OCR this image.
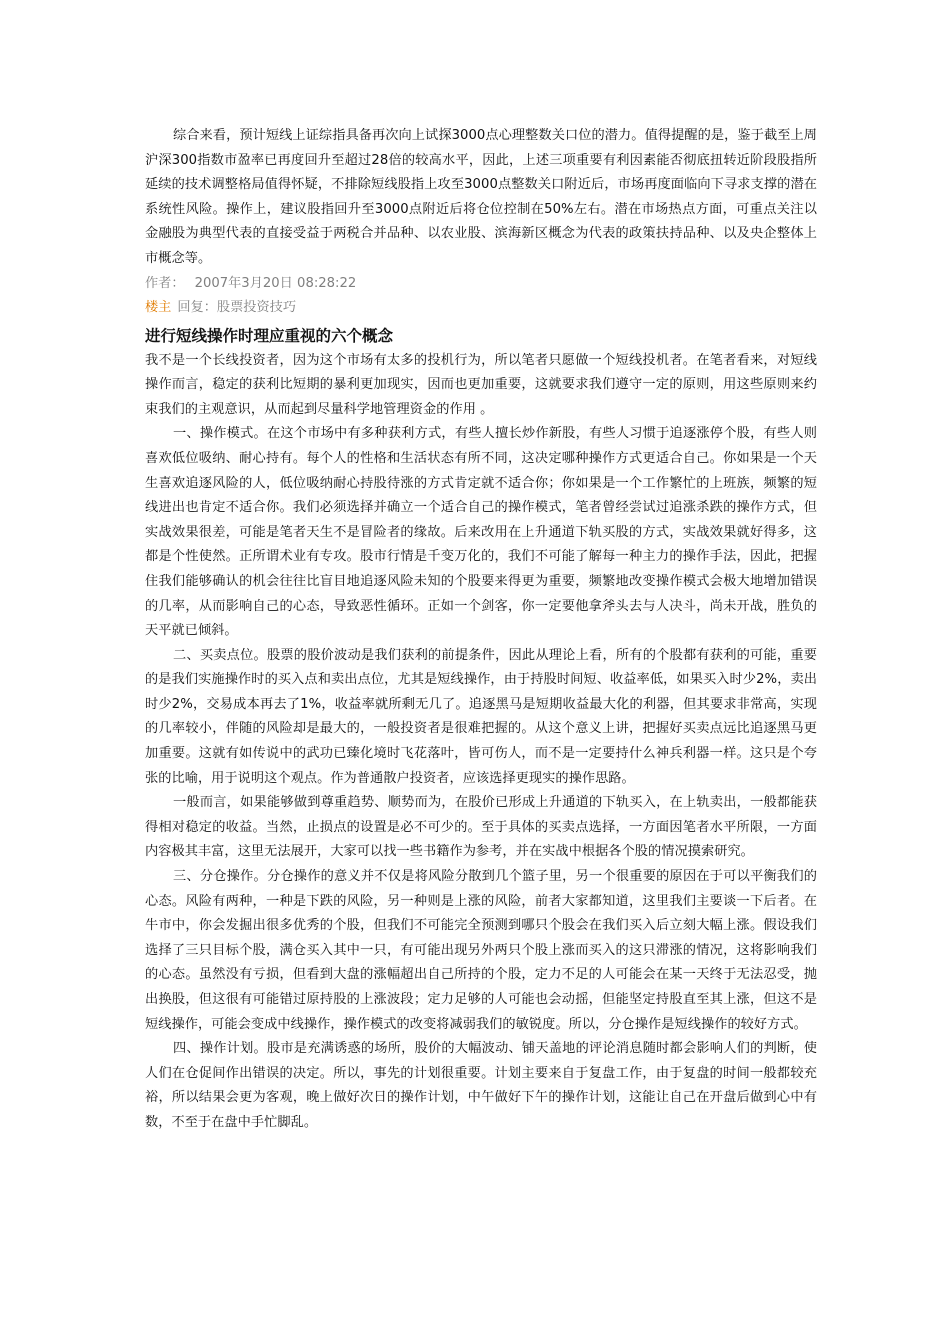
综合来看，预计短线上证综指具备再次向上试探3000点心理整数关口位的潜力。值得提醒的是，鉴于截至上周沪深300指数市盈率已再度回升至超过28倍的较高水平，因此，上述三项重要有利因素能否彻底扭转近阶段股指所延续的技术调整格局值得怀疑，不排除短线股指上攻至3000点整数关口附近后，市场再度面临向下寻求支撑的潜在系统性风险。操作上，建议股指回升至3000点附近后将仓位控制在50%左右。潜在市场热点方面，可重点关注以金融股为典型代表的直接受益于两税合并品种、以农业股、滨海新区概念为代表的政策扶持品种、以及央企整体上市概念等。

作者： 2007年3月20日 08:28:22

楼主 回复：股票投资技巧

进行短线操作时理应重视的六个概念

我不是一个长线投资者，因为这个市场有太多的投机行为，所以笔者只愿做一个短线投机者。在笔者看来，对短线操作而言，稳定的获利比短期的暴利更加现实，因而也更加重要，这就要求我们遵守一定的原则，用这些原则来约束我们的主观意识，从而起到尽量科学地管理资金的作用 。

一、操作模式。在这个市场中有多种获利方式，有些人擅长炒作新股，有些人习惯于追逐涨停个股，有些人则喜欢低位吸纳、耐心持有。每个人的性格和生活状态有所不同，这决定哪种操作方式更适合自己。你如果是一个天生喜欢追逐风险的人，低位吸纳耐心持股待涨的方式肯定就不适合你；你如果是一个工作繁忙的上班族，频繁的短线进出也肯定不适合你。我们必须选择并确立一个适合自己的操作模式，笔者曾经尝试过追涨杀跌的操作方式，但实战效果很差，可能是笔者天生不是冒险者的缘故。后来改用在上升通道下轨买股的方式，实战效果就好得多，这都是个性使然。正所谓术业有专攻。股市行情是千变万化的，我们不可能了解每一种主力的操作手法，因此，把握住我们能够确认的机会往往比盲目地追逐风险未知的个股要来得更为重要，频繁地改变操作模式会极大地增加错误的几率，从而影响自己的心态，导致恶性循环。正如一个剑客，你一定要他拿斧头去与人决斗，尚未开战，胜负的天平就已倾斜。

二、买卖点位。股票的股价波动是我们获利的前提条件，因此从理论上看，所有的个股都有获利的可能，重要的是我们实施操作时的买入点和卖出点位，尤其是短线操作，由于持股时间短、收益率低，如果买入时少2%，卖出时少2%，交易成本再去了1%，收益率就所剩无几了。追逐黑马是短期收益最大化的利器，但其要求非常高，实现的几率较小，伴随的风险却是最大的，一般投资者是很难把握的。从这个意义上讲，把握好买卖点远比追逐黑马更加重要。这就有如传说中的武功已臻化境时飞花落叶，皆可伤人，而不是一定要持什么神兵利器一样。这只是个夸张的比喻，用于说明这个观点。作为普通散户投资者，应该选择更现实的操作思路。

一般而言，如果能够做到尊重趋势、顺势而为，在股价已形成上升通道的下轨买入，在上轨卖出，一般都能获得相对稳定的收益。当然，止损点的设置是必不可少的。至于具体的买卖点选择，一方面因笔者水平所限，一方面内容极其丰富，这里无法展开，大家可以找一些书籍作为参考，并在实战中根据各个股的情况摸索研究。

三、分仓操作。分仓操作的意义并不仅是将风险分散到几个篮子里，另一个很重要的原因在于可以平衡我们的心态。风险有两种，一种是下跌的风险，另一种则是上涨的风险，前者大家都知道，这里我们主要谈一下后者。在牛市中，你会发掘出很多优秀的个股，但我们不可能完全预测到哪只个股会在我们买入后立刻大幅上涨。假设我们选择了三只目标个股，满仓买入其中一只，有可能出现另外两只个股上涨而买入的这只滞涨的情况，这将影响我们的心态。虽然没有亏损，但看到大盘的涨幅超出自己所持的个股，定力不足的人可能会在某一天终于无法忍受，抛出换股，但这很有可能错过原持股的上涨波段；定力足够的人可能也会动摇，但能坚定持股直至其上涨，但这不是短线操作，可能会变成中线操作，操作模式的改变将减弱我们的敏锐度。所以，分仓操作是短线操作的较好方式。

四、操作计划。股市是充满诱惑的场所，股价的大幅波动、铺天盖地的评论消息随时都会影响人们的判断，使人们在仓促间作出错误的决定。所以，事先的计划很重要。计划主要来自于复盘工作，由于复盘的时间一般都较充裕，所以结果会更为客观，晚上做好次日的操作计划，中午做好下午的操作计划，这能让自己在开盘后做到心中有数，不至于在盘中手忙脚乱。
